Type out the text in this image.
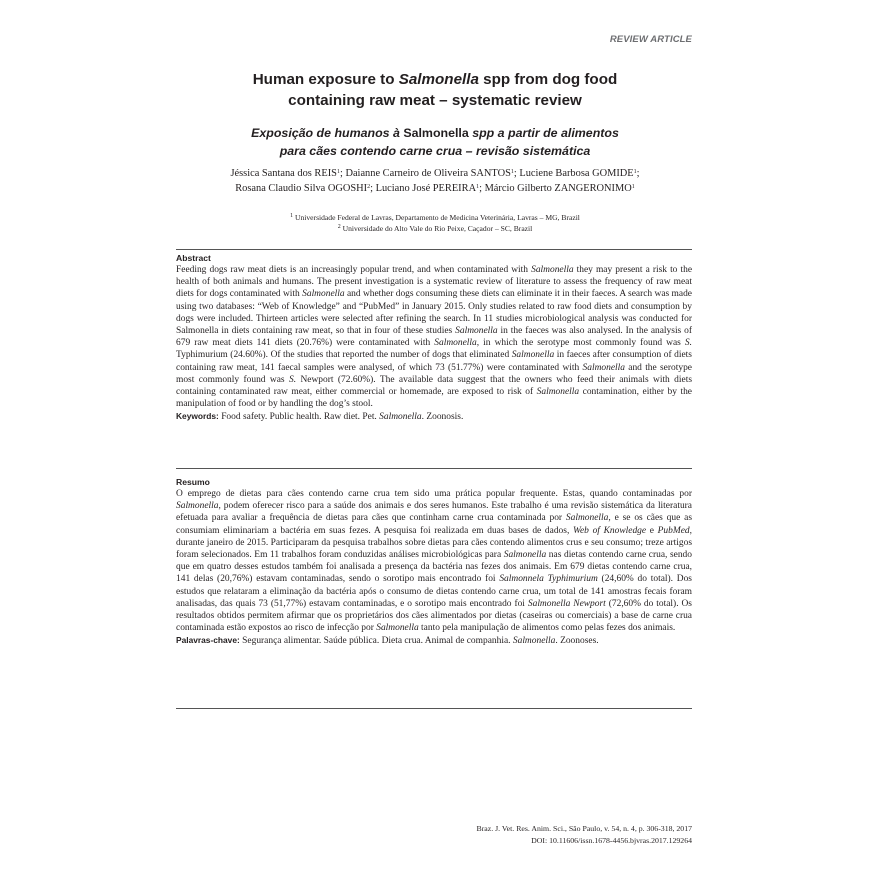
REVIEW ARTICLE
Human exposure to Salmonella spp from dog food
containing raw meat – systematic review
Exposição de humanos à Salmonella spp a partir de alimentos
para cães contendo carne crua – revisão sistemática
Jéssica Santana dos REIS$^1$; Daianne Carneiro de Oliveira SANTOS$^1$; Luciene Barbosa GOMIDE$^1$;
Rosana Claudio Silva OGOSHI$^2$; Luciano José PEREIRA$^1$; Márcio Gilberto ZANGERONIMO$^1$
$^1$ Universidade Federal de Lavras, Departamento de Medicina Veterinária, Lavras – MG, Brazil
$^2$ Universidade do Alto Vale do Rio Peixe, Caçador – SC, Brazil
Abstract

Feeding dogs raw meat diets is an increasingly popular trend, and when contaminated with Salmonella they may present a risk to the health of both animals and humans. The present investigation is a systematic review of literature to assess the frequency of raw meat diets for dogs contaminated with Salmonella and whether dogs consuming these diets can eliminate it in their faeces. A search was made using two databases: “Web of Knowledge” and “PubMed” in January 2015. Only studies related to raw food diets and consumption by dogs were included. Thirteen articles were selected after refining the search. In 11 studies microbiological analysis was conducted for Salmonella in diets containing raw meat, so that in four of these studies Salmonella in the faeces was also analysed. In the analysis of 679 raw meat diets 141 diets (20.76%) were contaminated with Salmonella, in which the serotype most commonly found was S. Typhimurium (24.60%). Of the studies that reported the number of dogs that eliminated Salmonella in faeces after consumption of diets containing raw meat, 141 faecal samples were analysed, of which 73 (51.77%) were contaminated with Salmonella and the serotype most commonly found was S. Newport (72.60%). The available data suggest that the owners who feed their animals with diets containing contaminated raw meat, either commercial or homemade, are exposed to risk of Salmonella contamination, either by the manipulation of food or by handling the dog’s stool.

Keywords: Food safety. Public health. Raw diet. Pet. Salmonella. Zoonosis.

Resumo

O emprego de dietas para cães contendo carne crua tem sido uma prática popular frequente. Estas, quando contaminadas por Salmonella, podem oferecer risco para a saúde dos animais e dos seres humanos. Este trabalho é uma revisão sistemática da literatura efetuada para avaliar a frequência de dietas para cães que continham carne crua contaminada por Salmonella, e se os cães que as consumiam eliminariam a bactéria em suas fezes. A pesquisa foi realizada em duas bases de dados, Web of Knowledge e PubMed, durante janeiro de 2015. Participaram da pesquisa trabalhos sobre dietas para cães contendo alimentos crus e seu consumo; treze artigos foram selecionados. Em 11 trabalhos foram conduzidas análises microbiológicas para Salmonella nas dietas contendo carne crua, sendo que em quatro desses estudos também foi analisada a presença da bactéria nas fezes dos animais. Em 679 dietas contendo carne crua, 141 delas (20,76%) estavam contaminadas, sendo o sorotipo mais encontrado foi Salmonnela Typhimurium (24,60% do total). Dos estudos que relataram a eliminação da bactéria após o consumo de dietas contendo carne crua, um total de 141 amostras fecais foram analisadas, das quais 73 (51,77%) estavam contaminadas, e o sorotipo mais encontrado foi Salmonella Newport (72,60% do total). Os resultados obtidos permitem afirmar que os proprietários dos cães alimentados por dietas (caseiras ou comerciais) a base de carne crua contaminada estão expostos ao risco de infecção por Salmonella tanto pela manipulação de alimentos como pelas fezes dos animais.

Palavras-chave: Segurança alimentar. Saúde pública. Dieta crua. Animal de companhia. Salmonella. Zoonoses.

Braz. J. Vet. Res. Anim. Sci., São Paulo, v. 54, n. 4, p. 306-318, 2017
DOI: 10.11606/issn.1678-4456.bjvras.2017.129264
